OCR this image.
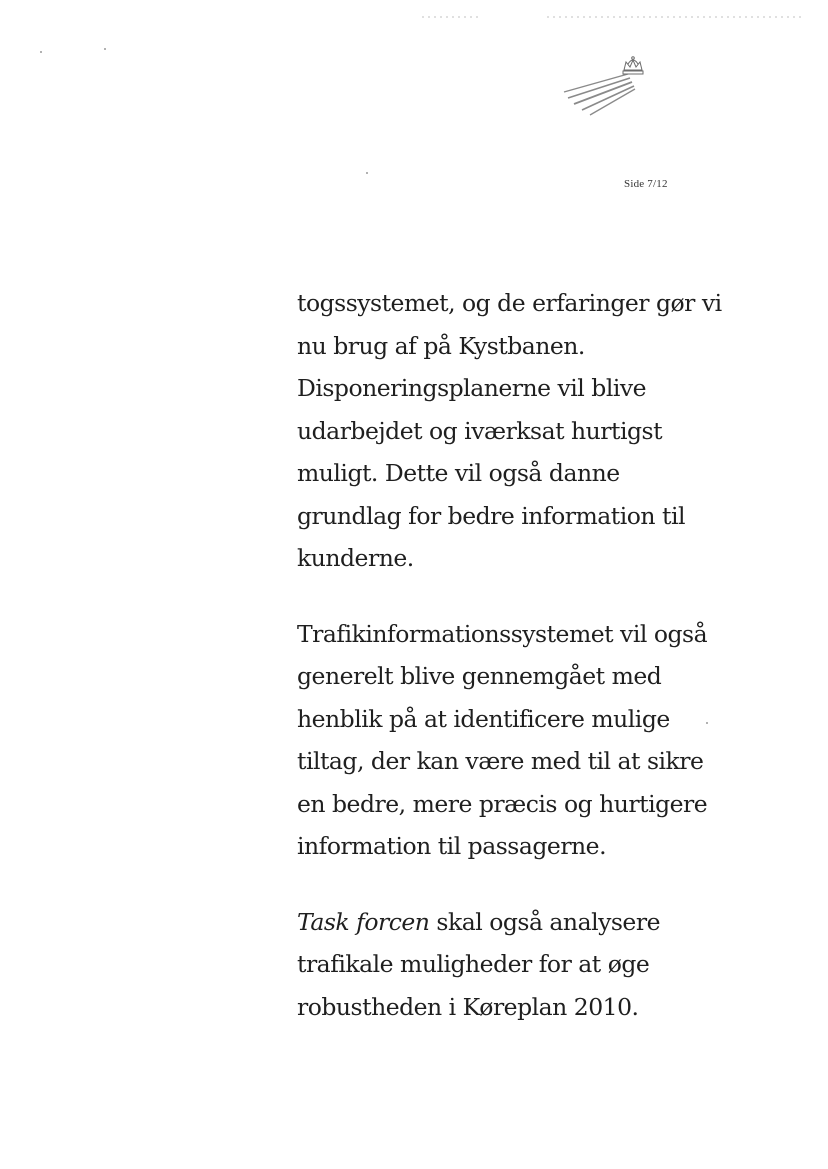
Side 7/12

togssystemet, og de erfaringer gør vi
nu brug af på Kystbanen.
Disponeringsplanerne vil blive
udarbejdet og iværksat hurtigst
muligt. Dette vil også danne
grundlag for bedre information til
kunderne.

Trafikinformationssystemet vil også
generelt blive gennemgået med
henblik på at identificere mulige
tiltag, der kan være med til at sikre
en bedre, mere præcis og hurtigere
information til passagerne.

Task forcen skal også analysere
trafikale muligheder for at øge
robustheden i Køreplan 2010.
